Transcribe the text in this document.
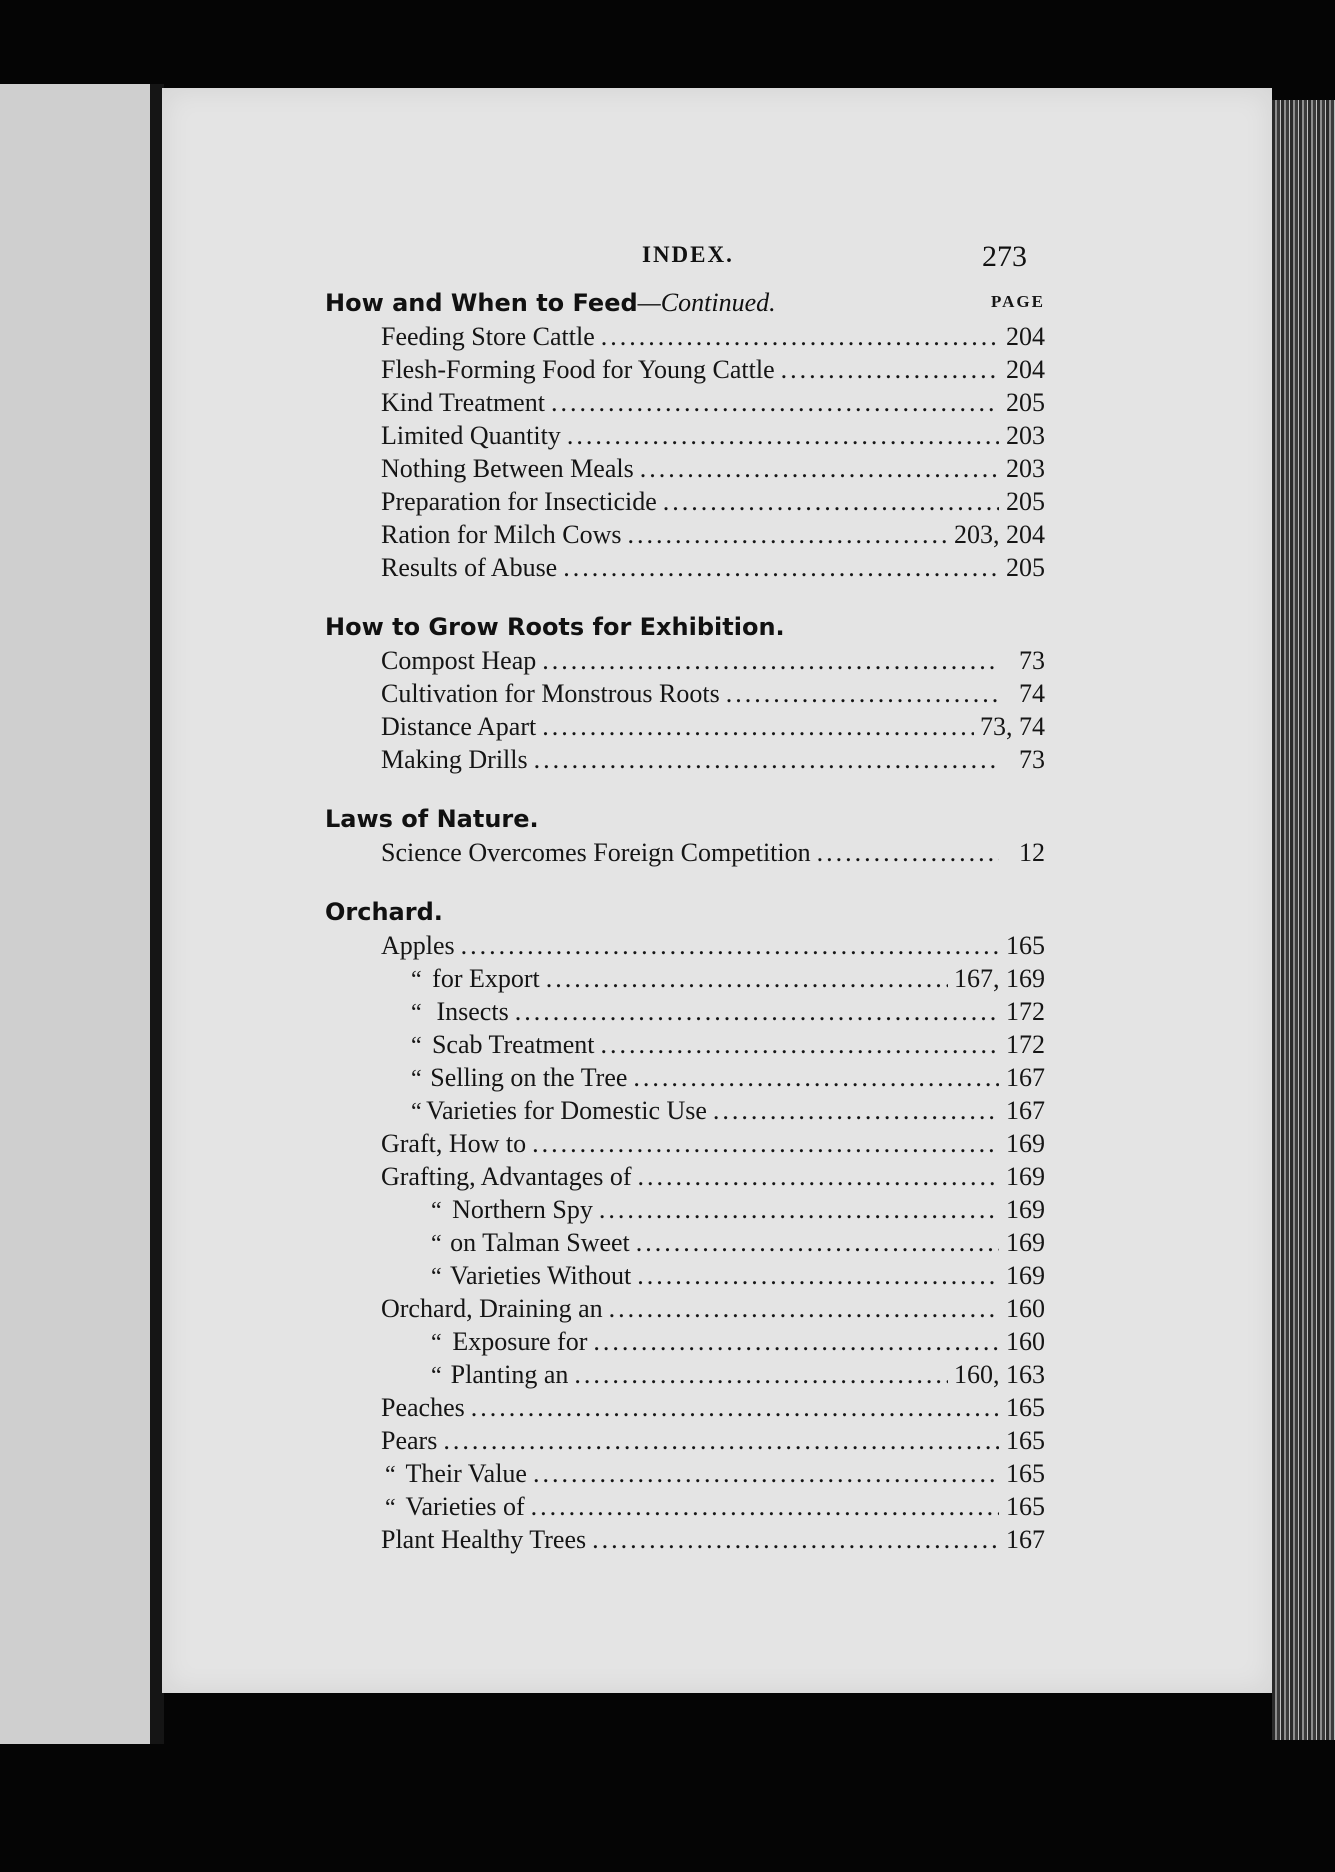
INDEX.	273
How and When to Feed—Continued.	PAGE
Feeding Store Cattle .....	204
Flesh-Forming Food for Young Cattle .....	204
Kind Treatment .....	205
Limited Quantity .....	203
Nothing Between Meals .....	203
Preparation for Insecticide .....	205
Ration for Milch Cows .....	203, 204
Results of Abuse .....	205
How to Grow Roots for Exhibition.
Compost Heap .....	73
Cultivation for Monstrous Roots .....	74
Distance Apart .....	73, 74
Making Drills .....	73
Laws of Nature.
Science Overcomes Foreign Competition .....	12
Orchard.
Apples .....	165
“ for Export .....	167, 169
“ Insects .....	172
“ Scab Treatment .....	172
“ Selling on the Tree .....	167
“ Varieties for Domestic Use .....	167
Graft, How to .....	169
Grafting, Advantages of .....	169
“ Northern Spy .....	169
“ on Talman Sweet .....	169
“ Varieties Without .....	169
Orchard, Draining an .....	160
“ Exposure for .....	160
“ Planting an .....	160, 163
Peaches .....	165
Pears .....	165
“ Their Value .....	165
“ Varieties of .....	165
Plant Healthy Trees .....	167
